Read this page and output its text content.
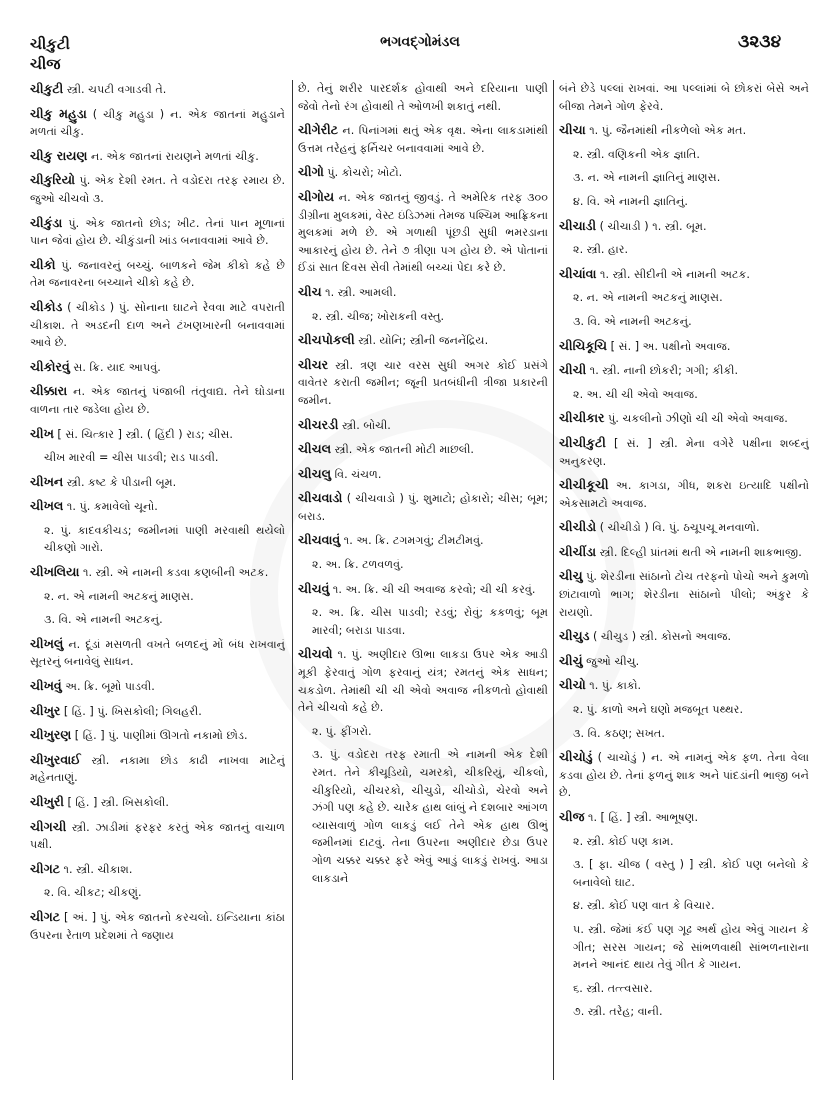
ચીકુટી
ચીજ
ભગવદ્ગોમંડલ	૩૨૩૪
ચીકુટી સ્ત્રી. ચપટી વગાડવી તે.
ચીકુ મહુડા ( ચીકુ મહુડા ) ન. એક જાતનાં મહુડાને મળતાં ચીકુ.
ચીકુ રાયણ ન. એક જાતનાં રાયણને મળતાં ચીકુ.
ચીકુરિયો પું. એક દેશી રમત. તે વડોદરા તરફ રમાય છે. જુઓ ચીચવો ૩.
ચીકુંડા પું. એક જાતનો છોડ; ખીટ. તેનાં પાન મૂળાનાં પાન જેવાં હોય છે. ચીકુંડાની ખાંડ બનાવવામાં આવે છે.
ચીકો પું. જનાવરનું બચ્ચું. બાળકને જેમ કીકો કહે છે તેમ જનાવરના બચ્ચાને ચીકો કહે છે.
ચીકોડ ( ચીકોડ ) પું. સોનાના ઘાટને રેવવા માટે વપરાતી ચીકાશ. તે અડદની દાળ અને ટંખણખારની બનાવવામાં આવે છે.
ચીકોરવું સ. ક્રિ. યાદ આપવું.
ચીક્કારા ન. એક જાતનું પંજાબી તંતુવાદ્ય. તેને ઘોડાના વાળના તાર જડેલા હોય છે.
ચીખ [ સં. ચિત્કાર ] સ્ત્રી. ( હિંદી ) રાડ; ચીસ.
ચીખ મારવી = ચીસ પાડવી; રાડ પાડવી.
ચીખન સ્ત્રી. કષ્ટ કે પીડાની બૂમ.
ચીખલ ૧. પું. કમાવેલો ચૂનો.
૨. પું. કાદવકીચડ; જમીનમાં પાણી મરવાથી થયેલો ચીકણો ગારો.
ચીખલિયા ૧. સ્ત્રી. એ નામની કડવા કણબીની અટક.
૨. ન. એ નામની અટકનું માણસ.
૩. વિ. એ નામની અટકનું.
ચીખલું ન. દૂંડાં મસળતી વખતે બળદનું મોં બંધ રાખવાનું સૂતરનું બનાવેલું સાધન.
ચીખવું અ. ક્રિ. બૂમો પાડવી.
ચીખુર [ હિં. ] પું. ખિસકોલી; ગિલહરી.
ચીખુરણ [ હિં. ] પું. પાણીમાં ઊગતો નકામો છોડ.
ચીખુરવાઈ સ્ત્રી. નકામા છોડ કાઢી નાખવા માટેનું મહેનતાણું.
ચીખુરી [ હિં. ] સ્ત્રી. ખિસકોલી.
ચીગચી સ્ત્રી. ઝાડીમાં ફરફર કરતું એક જાતનું વાચાળ પક્ષી.
ચીગટ ૧. સ્ત્રી. ચીકાશ.
૨. વિ. ચીકટ; ચીકણું.
ચીગટ [ અં. ] પું. એક જાતનો કરચલો. ઇન્ડિયાના કાંઠા ઉપરના રેતાળ પ્રદેશમાં તે જણાય
છે. તેનું શરીર પારદર્શક હોવાથી અને દરિયાના પાણી જેવો તેનો રંગ હોવાથી તે ઓળખી શકાતું નથી.
ચીગેરીટ ન. પિનાંગમાં થતું એક વૃક્ષ. એના લાકડામાંથી ઉત્તમ તરેહનું ફર્નિચર બનાવવામાં આવે છે.
ચીગો પું. કોચરો; ખોટો.
ચીગોય ન. એક જાતનું જીવડું. તે અમેરિક તરફ ૩૦૦ ડીગ્રીના મુલકમાં, વેસ્ટ ઇંડિઝમાં તેમજ પશ્ચિમ આફ્રિકના મુલકમાં મળે છે. એ ગળાથી પૂંછડી સુધી ભમરડાના આકારનું હોય છે. તેને ૭ ત્રીણા પગ હોય છે. એ પોતાનાં ઈંડાં સાત દિવસ સેવી તેમાંથી બચ્ચાં પેદા કરે છે.
ચીચ ૧. સ્ત્રી. આમલી.
૨. સ્ત્રી. ચીજ; ખોરાકની વસ્તુ.
ચીચપોકલી સ્ત્રી. યોનિ; સ્ત્રીની જનનેંદ્રિય.
ચીચર સ્ત્રી. ત્રણ ચાર વરસ સુધી અગર કોઈ પ્રસંગે વાવેતર કરાતી જમીન; જૂની પ્રતબંધીની ત્રીજા પ્રકારની જમીન.
ચીચરડી સ્ત્રી. બોચી.
ચીચલ સ્ત્રી. એક જાતની મોટી માછલી.
ચીચલુ વિ. ચંચળ.
ચીચવાડો ( ચીચવાડો ) પું. શુમાટો; હોકારો; ચીસ; બૂમ; બરાડ.
ચીચવાવું ૧. અ. ક્રિ. ટગમગવું; ટીમટીમવું.
૨. અ. ક્રિ. ટળવળવું.
ચીચવું ૧. અ. ક્રિ. ચી ચી અવાજ કરવો; ચી ચી કરવું.
૨. અ. ક્રિ. ચીસ પાડવી; રડવું; રોવું; કકળવું; બૂમ મારવી; બરાડા પાડવા.
ચીચવો ૧. પું. અણીદાર ઊભા લાકડા ઉપર એક આડી મૂકી ફેરવાતું ગોળ ફરવાનું યંત્ર; રમતનું એક સાધન; ચકડોળ. તેમાંથી ચી ચી એવો અવાજ નીકળતો હોવાથી તેને ચીચવો કહે છે.
૨. પું. ફીંગરો.
૩. પું. વડોદરા તરફ રમાતી એ નામની એક દેશી રમત. તેને કીચૂડિયો, ચમરકો, ચીકરિયું, ચીકલો, ચીકુરિયો, ચીચરકો, ચીચુડો, ચીચોડો, ચેરવો અને ઝંગી પણ કહે છે. ચારેક હાથ લાંબું ને દશબાર આંગળ વ્યાસવાળું ગોળ લાકડું લઈ તેને એક હાથ ઊભું જમીનમાં દાટવું. તેના ઉપરના અણીદાર છેડા ઉપર ગોળ ચક્કર ચક્કર ફરે એવું આડું લાકડું રાખવું. આડા લાકડાને
બંને છેડે પલ્લાં રાખવાં. આ પલ્લાંમાં બે છોકરાં બેસે અને બીજા તેમને ગોળ ફેરવે.
ચીચા ૧. પું. જૈનમાંથી નીકળેલો એક મત.
૨. સ્ત્રી. વણિકની એક જ્ઞાતિ.
૩. ન. એ નામની જ્ઞાતિનું માણસ.
૪. વિ. એ નામની જ્ઞાતિનું.
ચીચાડી ( ચીચાડી ) ૧. સ્ત્રી. બૂમ.
૨. સ્ત્રી. હાર.
ચીચાંવા ૧. સ્ત્રી. સીદીની એ નામની અટક.
૨. ન. એ નામની અટકનું માણસ.
૩. વિ. એ નામની અટકનું.
ચીચિકૂચિ [ સં. ] અ. પક્ષીનો અવાજ.
ચીચી ૧. સ્ત્રી. નાની છોકરી; ગગી; કીકી.
૨. અ. ચી ચી એવો અવાજ.
ચીચીકાર પું. ચકલીનો ઝીણો ચી ચી એવો અવાજ.
ચીચીકુટી [ સં. ] સ્ત્રી. મેના વગેરે પક્ષીના શબ્દનું અનુકરણ.
ચીચીકૂચી અ. કાગડા, ગીધ, શકરા ઇત્યાદિ પક્ષીનો એકસામટો અવાજ.
ચીચીડો ( ચીચીડો ) વિ. પું. ઠચૂપચૂ મનવાળો.
ચીચીંડા સ્ત્રી. દિલ્હી પ્રાંતમાં થતી એ નામની શાકભાજી.
ચીચુ પું. શેરડીના સાંઠાનો ટોચ તરફનો પોચો અને કુમળો છાંટાવાળો ભાગ; શેરડીના સાંઠાનો પીલો; અંકુર કે રાયણો.
ચીચુડ ( ચીચુડ ) સ્ત્રી. કોસનો અવાજ.
ચીચું જુઓ ચીચુ.
ચીચો ૧. પું. કાકો.
૨. પું. કાળો અને ઘણો મજબૂત પથ્થર.
૩. વિ. કઠણ; સખત.
ચીચોડું ( ચાચોડું ) ન. એ નામનું એક ફળ. તેના વેલા કડવા હોય છે. તેનાં ફળનું શાક અને પાંદડાંની ભાજી બને છે.
ચીજ ૧. [ હિં. ] સ્ત્રી. આભૂષણ.
૨. સ્ત્રી. કોઈ પણ કામ.
૩. [ ફા. ચીજ ( વસ્તુ ) ] સ્ત્રી. કોઈ પણ બનેલો કે બનાવેલો ઘાટ.
૪. સ્ત્રી. કોઈ પણ વાત કે વિચાર.
૫. સ્ત્રી. જેમાં કંઈ પણ ગૂઢ અર્થ હોય એવું ગાયન કે ગીત; સરસ ગાયન; જે સાંભળવાથી સાંભળનારાના મનને આનંદ થાય તેવું ગીત કે ગાયન.
૬. સ્ત્રી. તત્ત્વસાર.
૭. સ્ત્રી. તરેહ; વાની.
